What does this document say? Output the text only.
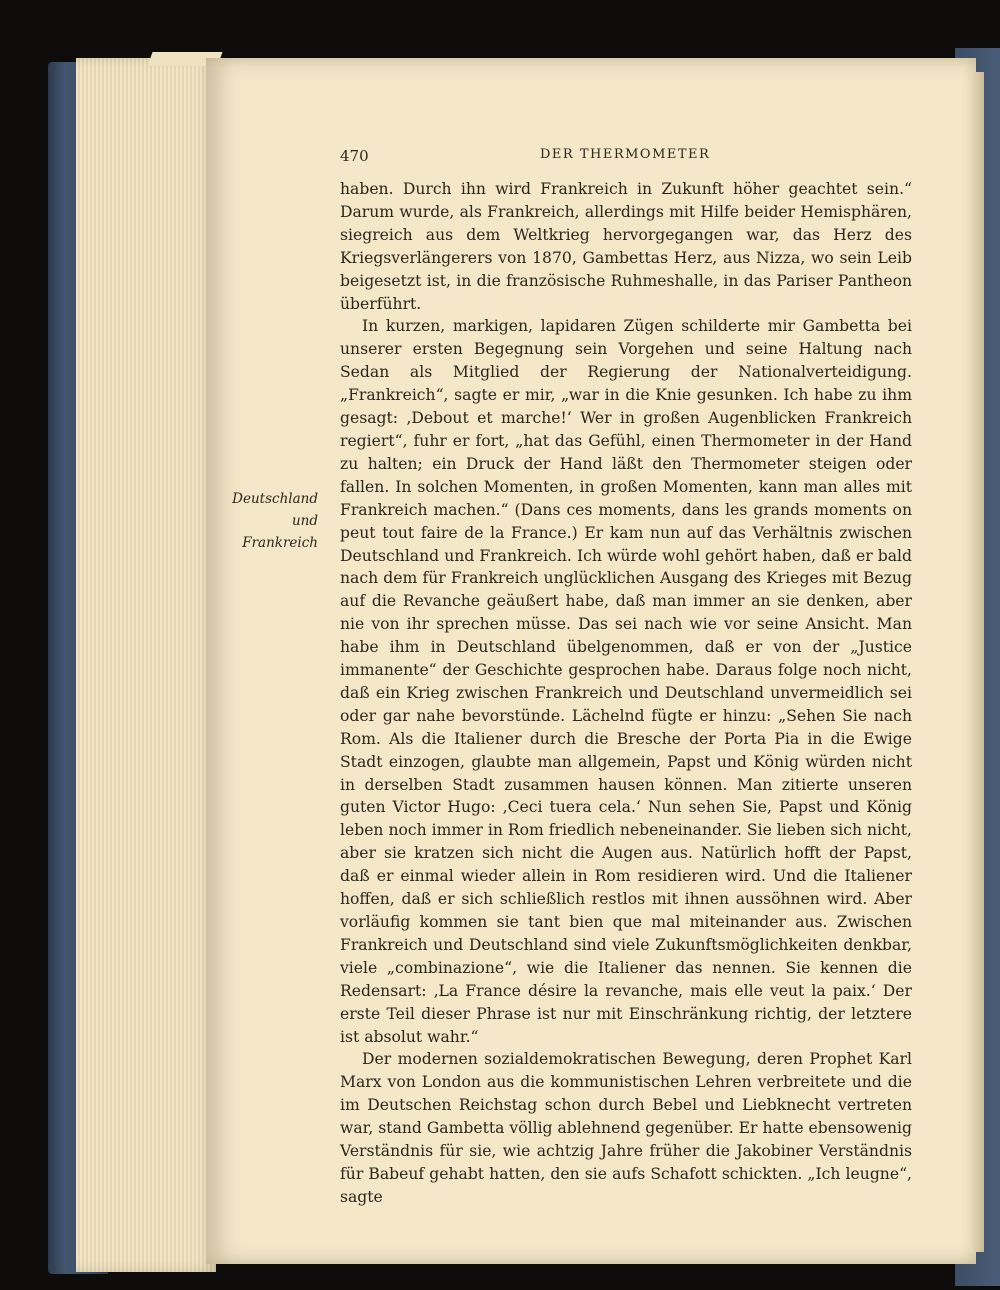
470	DER THERMOMETER
Deutschland
und
Frankreich

haben. Durch ihn wird Frankreich in Zukunft höher geachtet sein.“ Darum wurde, als Frankreich, allerdings mit Hilfe beider Hemisphären, siegreich aus dem Weltkrieg hervorgegangen war, das Herz des Kriegsverlängerers von 1870, Gambettas Herz, aus Nizza, wo sein Leib beigesetzt ist, in die französische Ruhmeshalle, in das Pariser Pantheon überführt.

In kurzen, markigen, lapidaren Zügen schilderte mir Gambetta bei unserer ersten Begegnung sein Vorgehen und seine Haltung nach Sedan als Mitglied der Regierung der Nationalverteidigung. „Frankreich“, sagte er mir, „war in die Knie gesunken. Ich habe zu ihm gesagt: ‚Debout et marche!‘ Wer in großen Augenblicken Frankreich regiert“, fuhr er fort, „hat das Gefühl, einen Thermometer in der Hand zu halten; ein Druck der Hand läßt den Thermometer steigen oder fallen. In solchen Momenten, in großen Momenten, kann man alles mit Frankreich machen.“ (Dans ces moments, dans les grands moments on peut tout faire de la France.) Er kam nun auf das Verhältnis zwischen Deutschland und Frankreich. Ich würde wohl gehört haben, daß er bald nach dem für Frankreich unglücklichen Ausgang des Krieges mit Bezug auf die Revanche geäußert habe, daß man immer an sie denken, aber nie von ihr sprechen müsse. Das sei nach wie vor seine Ansicht. Man habe ihm in Deutschland übelgenommen, daß er von der „Justice immanente“ der Geschichte gesprochen habe. Daraus folge noch nicht, daß ein Krieg zwischen Frankreich und Deutschland unvermeidlich sei oder gar nahe bevorstünde. Lächelnd fügte er hinzu: „Sehen Sie nach Rom. Als die Italiener durch die Bresche der Porta Pia in die Ewige Stadt einzogen, glaubte man allgemein, Papst und König würden nicht in derselben Stadt zusammen hausen können. Man zitierte unseren guten Victor Hugo: ‚Ceci tuera cela.‘ Nun sehen Sie, Papst und König leben noch immer in Rom friedlich nebeneinander. Sie lieben sich nicht, aber sie kratzen sich nicht die Augen aus. Natürlich hofft der Papst, daß er einmal wieder allein in Rom residieren wird. Und die Italiener hoffen, daß er sich schließlich restlos mit ihnen aussöhnen wird. Aber vorläufig kommen sie tant bien que mal miteinander aus. Zwischen Frankreich und Deutschland sind viele Zukunftsmöglichkeiten denkbar, viele „combinazione“, wie die Italiener das nennen. Sie kennen die Redensart: ‚La France désire la revanche, mais elle veut la paix.‘ Der erste Teil dieser Phrase ist nur mit Einschränkung richtig, der letztere ist absolut wahr.“

Der modernen sozialdemokratischen Bewegung, deren Prophet Karl Marx von London aus die kommunistischen Lehren verbreitete und die im Deutschen Reichstag schon durch Bebel und Liebknecht vertreten war, stand Gambetta völlig ablehnend gegenüber. Er hatte ebensowenig Verständnis für sie, wie achtzig Jahre früher die Jakobiner Verständnis für Babeuf gehabt hatten, den sie aufs Schafott schickten. „Ich leugne“, sagte
